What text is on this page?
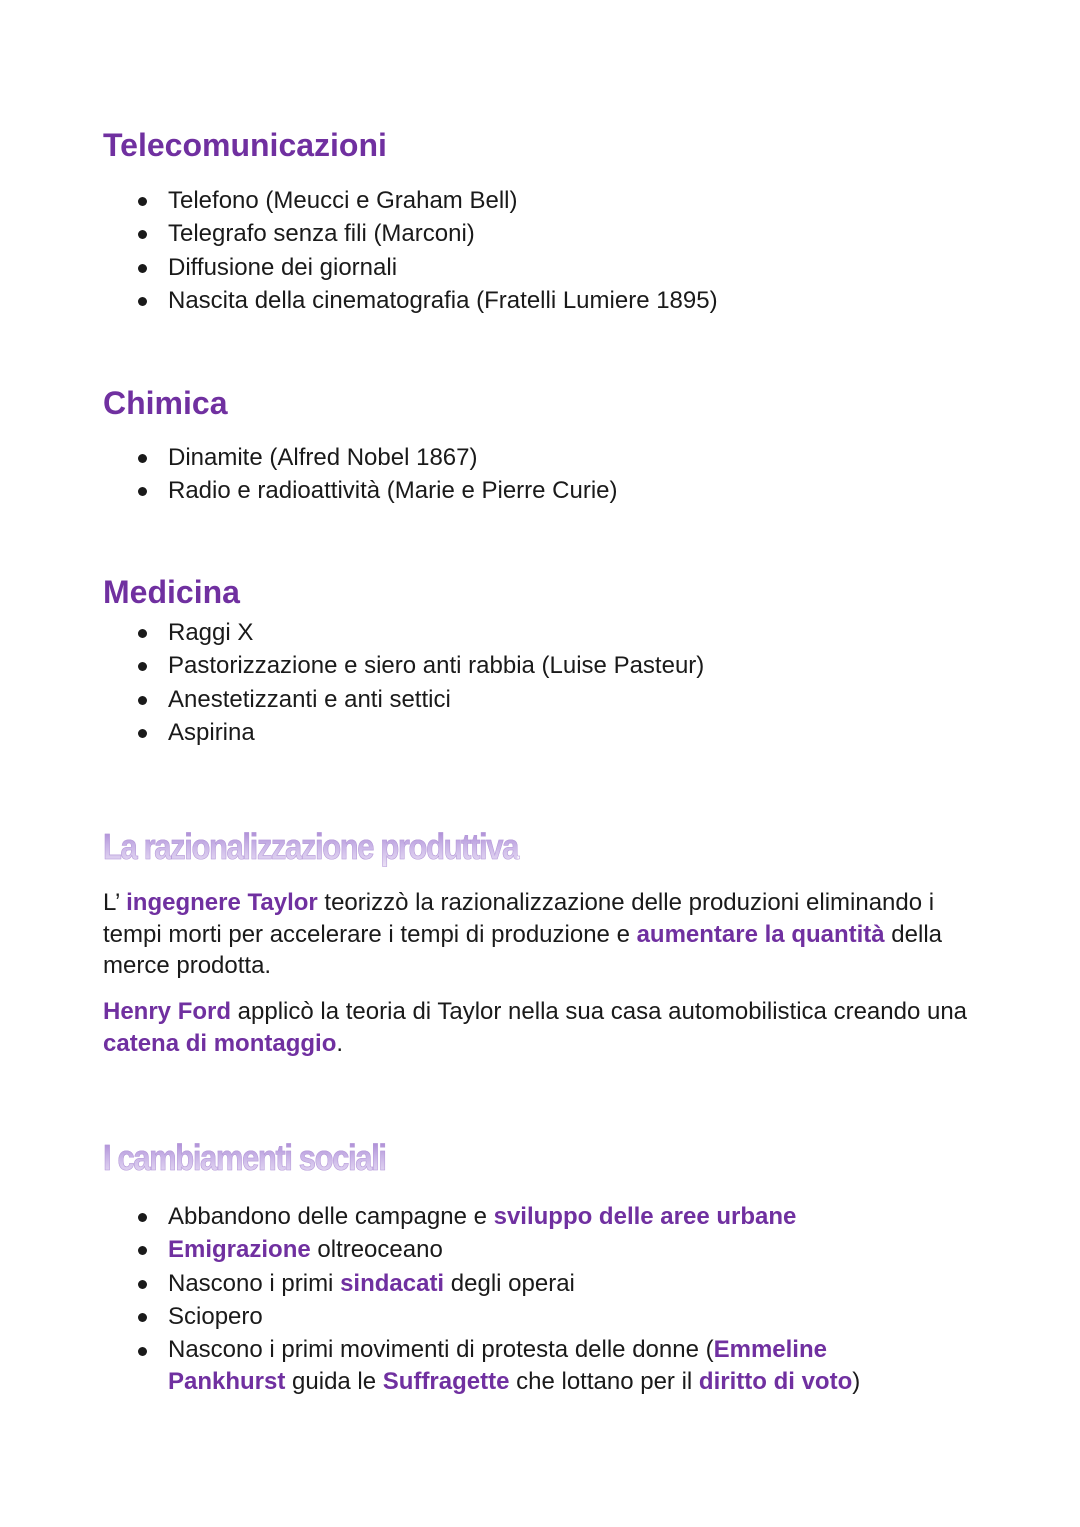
Telecomunicazioni
Telefono (Meucci e Graham Bell)
Telegrafo senza fili (Marconi)
Diffusione dei giornali
Nascita della cinematografia (Fratelli Lumiere 1895)
Chimica
Dinamite (Alfred Nobel 1867)
Radio e radioattività (Marie e Pierre Curie)
Medicina
Raggi X
Pastorizzazione e siero anti rabbia (Luise Pasteur)
Anestetizzanti e anti settici
Aspirina
La razionalizzazione produttiva

L’ ingegnere Taylor teorizzò la razionalizzazione delle produzioni eliminando i tempi morti per accelerare i tempi di produzione e aumentare la quantità della merce prodotta.

Henry Ford applicò la teoria di Taylor nella sua casa automobilistica creando una catena di montaggio.

I cambiamenti sociali
Abbandono delle campagne e sviluppo delle aree urbane
Emigrazione oltreoceano
Nascono i primi sindacati degli operai
Sciopero
Nascono i primi movimenti di protesta delle donne (Emmeline Pankhurst guida le Suffragette che lottano per il diritto di voto)
